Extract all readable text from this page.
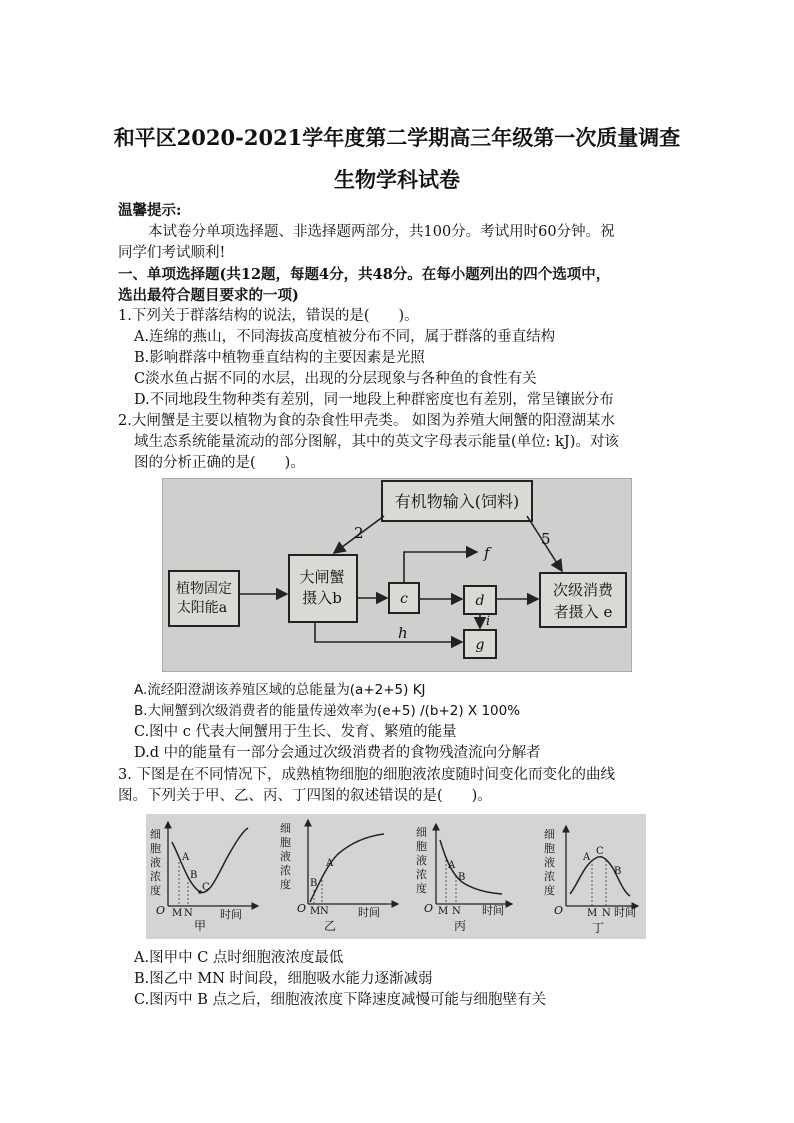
和平区2020-2021学年度第二学期高三年级第一次质量调查
生物学科试卷
温馨提示:
本试卷分单项选择题、非选择题两部分，共100分。考试用时60分钟。祝
同学们考试顺利!
一、单项选择题(共12题，每题4分，共48分。在每小题列出的四个选项中，
选出最符合题目要求的一项)
1.下列关于群落结构的说法，错误的是(　　)。
A.连绵的燕山，不同海拔高度植被分布不同，属于群落的垂直结构
B.影响群落中植物垂直结构的主要因素是光照
C淡水鱼占据不同的水层，出现的分层现象与各种鱼的食性有关
D.不同地段生物种类有差别，同一地段上种群密度也有差别，常呈镶嵌分布
2.大闸蟹是主要以植物为食的杂食性甲壳类。 如图为养殖大闸蟹的阳澄湖某水
域生态系统能量流动的部分图解，其中的英文字母表示能量(单位: kJ)。对该
图的分析正确的是(　　)。
有机物输入(饲料)
植物固定
太阳能a
大闸蟹
摄入b	c	d
g
次级消费
者摄入 e
2	5
f
h
i
A.流经阳澄湖该养殖区域的总能量为(a+2+5) KJ
B.大闸蟹到次级消费者的能量传递效率为(e+5) /(b+2) X 100%
C.图中 c 代表大闸蟹用于生长、发育、繁殖的能量
D.d 中的能量有一部分会通过次级消费者的食物残渣流向分解者
3. 下图是在不同情况下，成熟植物细胞的细胞液浓度随时间变化而变化的曲线
图。下列关于甲、乙、丙、丁四图的叙述错误的是(　　)。
细
胞
液
浓
度
A
B
C
O M N 时间
甲
细
胞
液
浓
度
A
B
O M N	时间
乙
细
胞
液
浓
度
A
B
O M N 时间
丙
细
胞
液
浓
度
A
C
B
O M N 时间
丁
A.图甲中 C 点时细胞液浓度最低
B.图乙中 MN 时间段，细胞吸水能力逐渐减弱
C.图丙中 B 点之后，细胞液浓度下降速度减慢可能与细胞壁有关
